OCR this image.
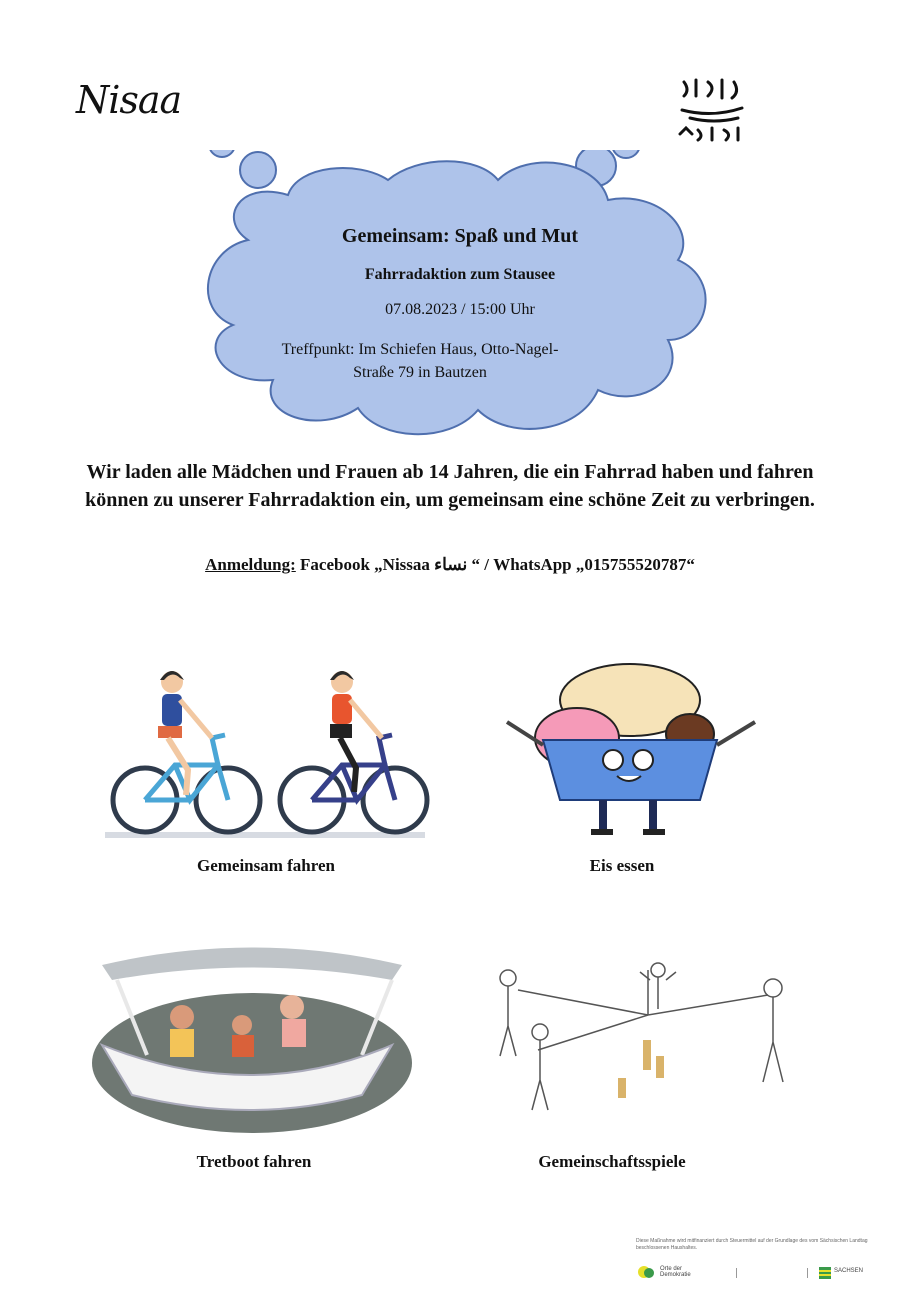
Nisaa
Gemeinsam: Spaß und Mut
Fahrradaktion zum Stausee
07.08.2023 / 15:00 Uhr
Treffpunkt: Im Schiefen Haus, Otto-Nagel-Straße 79 in Bautzen
Wir laden alle Mädchen und Frauen ab 14 Jahren, die ein Fahrrad haben und fahren können zu unserer Fahrradaktion ein, um gemeinsam eine schöne Zeit zu verbringen.
Anmeldung: Facebook „Nissaa نساء “ / WhatsApp „015755520787“
Gemeinsam fahren	Eis essen
Tretboot fahren	Gemeinschaftsspiele
Diese Maßnahme wird mitfinanziert durch Steuermittel auf der Grundlage des vom Sächsischen Landtag beschlossenen Haushaltes.
Orte der Demokratie
SACHSEN
